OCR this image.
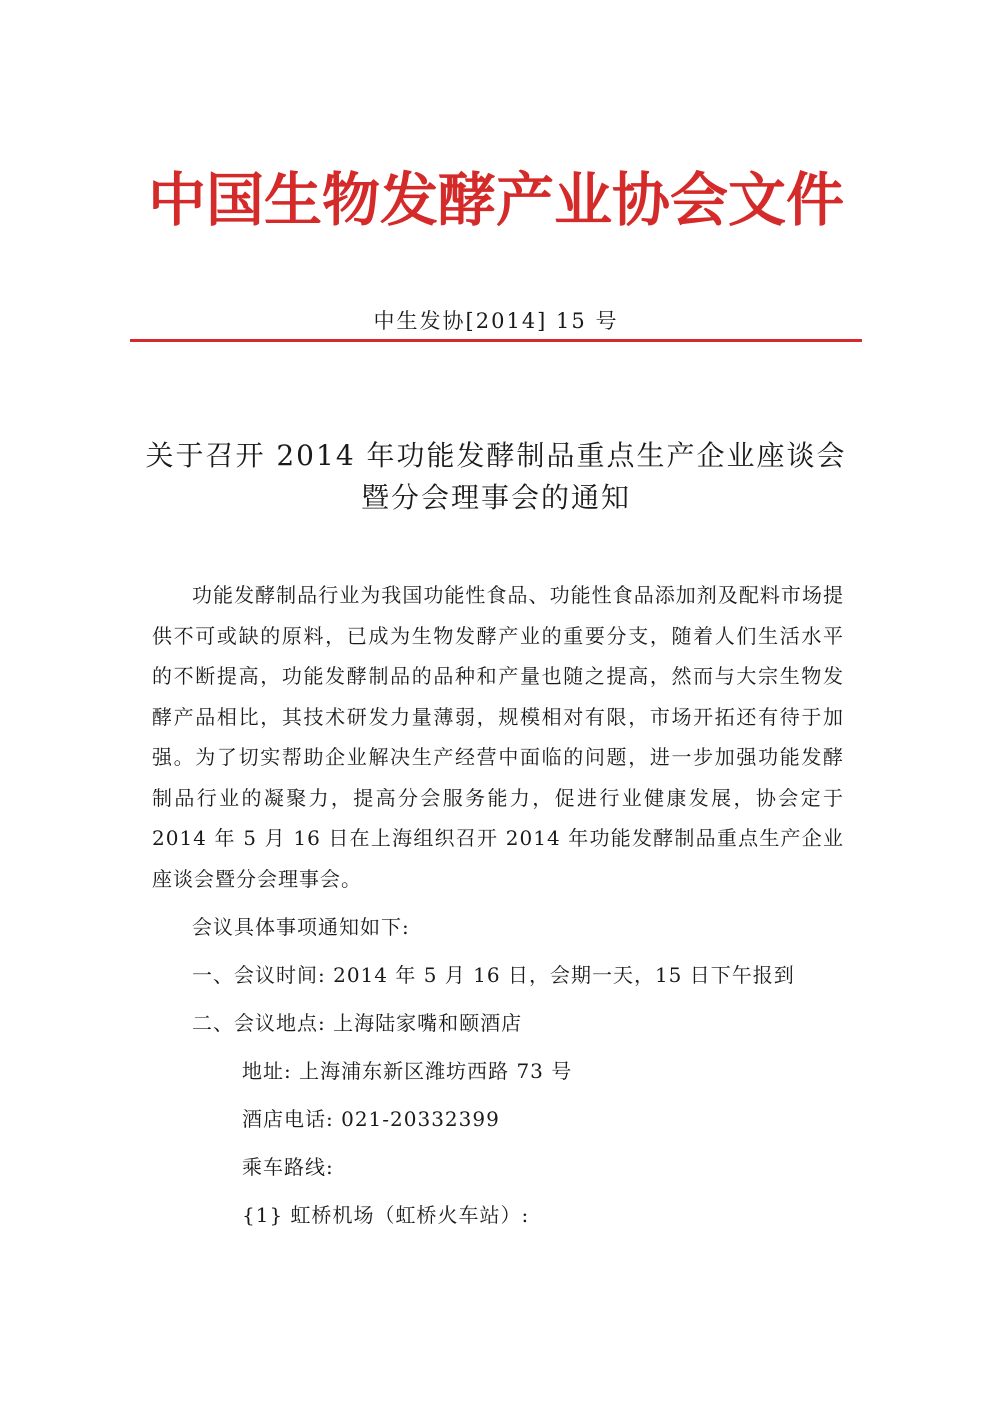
中国生物发酵产业协会文件
中生发协[2014] 15 号
关于召开 2014 年功能发酵制品重点生产企业座谈会
暨分会理事会的通知

功能发酵制品行业为我国功能性食品、功能性食品添加剂及配料市场提供不可或缺的原料，已成为生物发酵产业的重要分支，随着人们生活水平的不断提高，功能发酵制品的品种和产量也随之提高，然而与大宗生物发酵产品相比，其技术研发力量薄弱，规模相对有限，市场开拓还有待于加强。为了切实帮助企业解决生产经营中面临的问题，进一步加强功能发酵制品行业的凝聚力，提高分会服务能力，促进行业健康发展，协会定于 2014 年 5 月 16 日在上海组织召开 2014 年功能发酵制品重点生产企业座谈会暨分会理事会。

会议具体事项通知如下:

一、会议时间: 2014 年 5 月 16 日，会期一天，15 日下午报到

二、会议地点: 上海陆家嘴和颐酒店

地址: 上海浦东新区潍坊西路 73 号

酒店电话: 021-20332399

乘车路线:

{1} 虹桥机场（虹桥火车站）:
